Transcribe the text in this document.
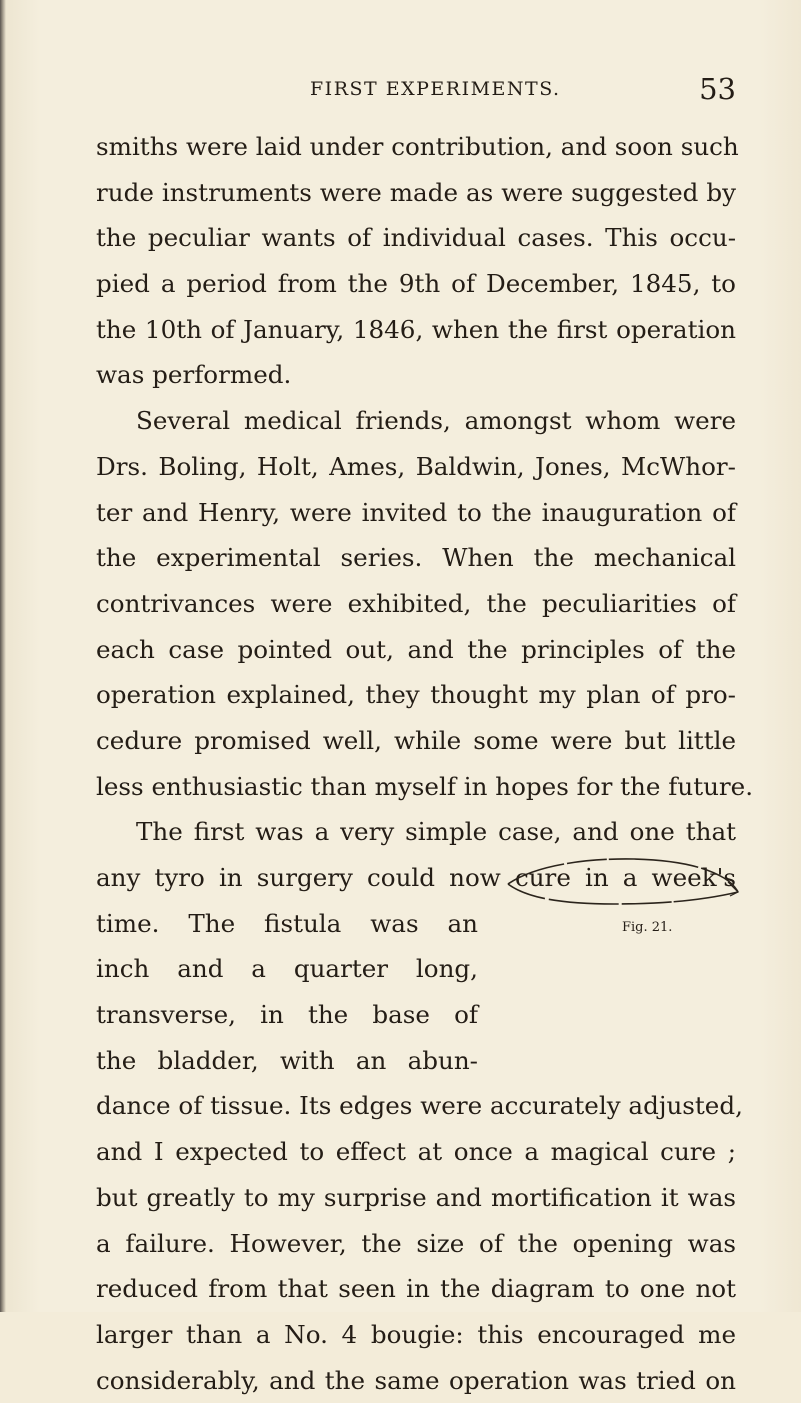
FIRST EXPERIMENTS.	53
smiths were laid under contribution, and soon such
rude instruments were made as were suggested by
the peculiar wants of individual cases. This occu-
pied a period from the 9th of December, 1845, to
the 10th of January, 1846, when the first operation
was performed.
Several medical friends, amongst whom were
Drs. Boling, Holt, Ames, Baldwin, Jones, McWhor-
ter and Henry, were invited to the inauguration of
the experimental series. When the mechanical
contrivances were exhibited, the peculiarities of
each case pointed out, and the principles of the
operation explained, they thought my plan of pro-
cedure promised well, while some were but little
less enthusiastic than myself in hopes for the future.
The first was a very simple case, and one that
any tyro in surgery could now cure in a week's
time. The fistula was an
inch and a quarter long,
transverse, in the base of
the bladder, with an abun-
dance of tissue. Its edges were accurately adjusted,
and I expected to effect at once a magical cure ;
but greatly to my surprise and mortification it was
a failure. However, the size of the opening was
reduced from that seen in the diagram to one not
larger than a No. 4 bougie: this encouraged me
considerably, and the same operation was tried on
Fig. 21.
